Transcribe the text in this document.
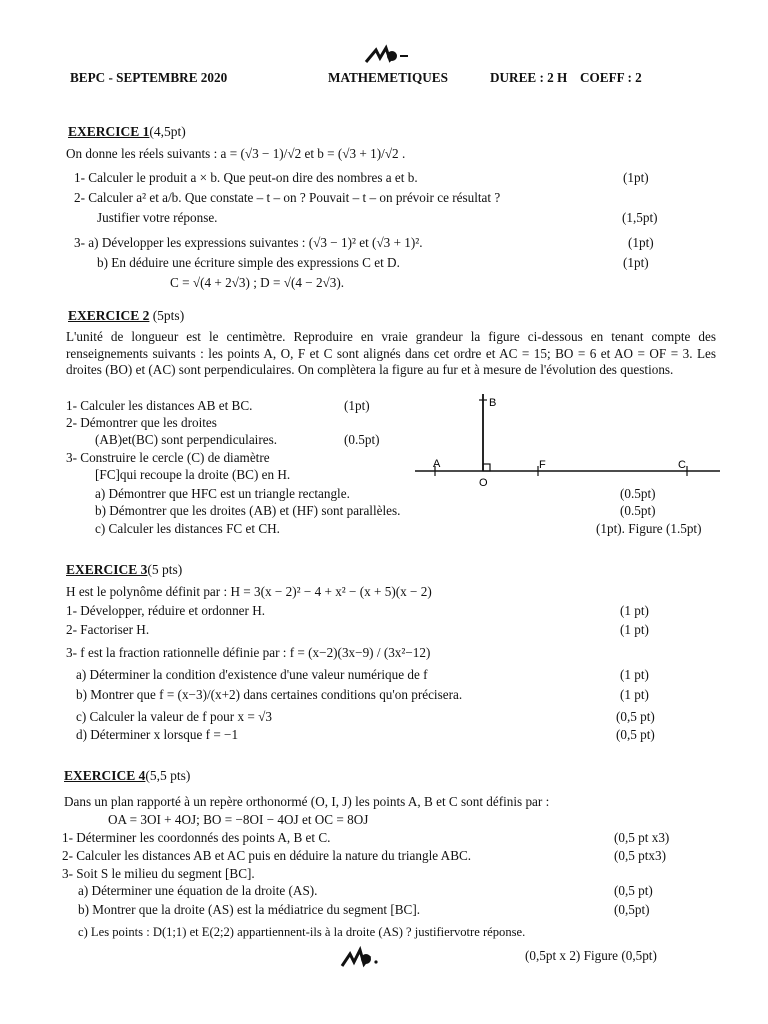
BEPC - SEPTEMBRE 2020	MATHEMETIQUES	DUREE : 2 H COEFF : 2
EXERCICE 1(4,5pt)
On donne les réels suivants : a = (√3 − 1)/√2 et b = (√3 + 1)/√2 .
1- Calculer le produit a × b. Que peut-on dire des nombres a et b.	(1pt)
2- Calculer a² et a/b. Que constate – t – on ? Pouvait – t – on prévoir ce résultat ?
Justifier votre réponse.	(1,5pt)
3- a) Développer les expressions suivantes : (√3 − 1)² et (√3 + 1)².	(1pt)
b) En déduire une écriture simple des expressions C et D.	(1pt)
C = √(4 + 2√3) ; D = √(4 − 2√3).
EXERCICE 2 (5pts)
L'unité de longueur est le centimètre. Reproduire en vraie grandeur la figure ci-dessous en tenant compte des renseignements suivants : les points A, O, F et C sont alignés dans cet ordre et AC = 15; BO = 6 et AO = OF = 3. Les droites (BO) et (AC) sont perpendiculaires. On complètera la figure au fur et à mesure de l'évolution des questions.
1- Calculer les distances AB et BC.	(1pt)
2- Démontrer que les droites
(AB)et(BC) sont perpendiculaires.	(0.5pt)
3- Construire le cercle (C) de diamètre
[FC]qui recoupe la droite (BC) en H.
a) Démontrer que HFC est un triangle rectangle.	(0.5pt)
b) Démontrer que les droites (AB) et (HF) sont parallèles.	(0.5pt)
c) Calculer les distances FC et CH.	(1pt). Figure (1.5pt)
A
O
F	C
B
EXERCICE 3(5 pts)
H est le polynôme définit par : H = 3(x − 2)² − 4 + x² − (x + 5)(x − 2)
1- Développer, réduire et ordonner H.	(1 pt)
2- Factoriser H.	(1 pt)
3- f est la fraction rationnelle définie par : f = (x−2)(3x−9) / (3x²−12)
a) Déterminer la condition d'existence d'une valeur numérique de f	(1 pt)
b) Montrer que f = (x−3)/(x+2) dans certaines conditions qu'on précisera.	(1 pt)
c) Calculer la valeur de f pour x = √3	(0,5 pt)
d) Déterminer x lorsque f = −1	(0,5 pt)
EXERCICE 4(5,5 pts)
Dans un plan rapporté à un repère orthonormé (O, I, J) les points A, B et C sont définis par :
OA = 3OI + 4OJ; BO = −8OI − 4OJ et OC = 8OJ
1- Déterminer les coordonnés des points A, B et C.	(0,5 pt x3)
2- Calculer les distances AB et AC puis en déduire la nature du triangle ABC.	(0,5 ptx3)
3- Soit S le milieu du segment [BC].
a) Déterminer une équation de la droite (AS).	(0,5 pt)
b) Montrer que la droite (AS) est la médiatrice du segment [BC].	(0,5pt)
c) Les points : D(1;1) et E(2;2) appartiennent-ils à la droite (AS) ? justifiervotre réponse.
(0,5pt x 2) Figure (0,5pt)
